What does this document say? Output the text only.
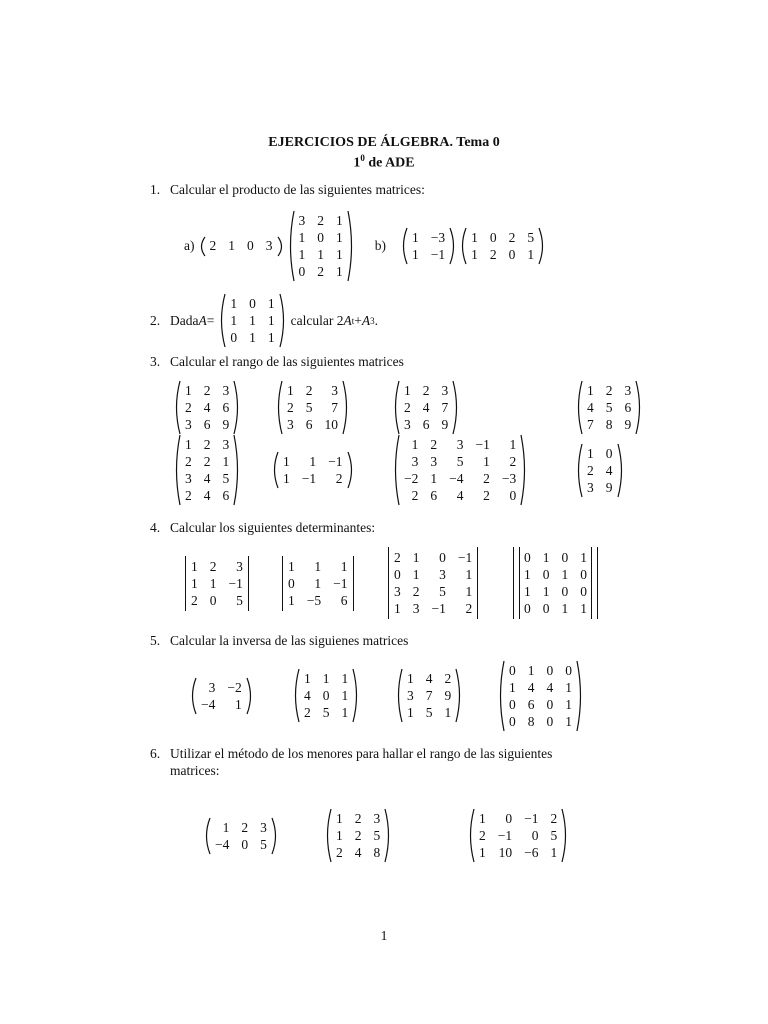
EJERCICIOS DE ÁLGEBRA. Tema 0
$1^0$ de ADE
1. Calcular el producto de las siguientes matrices:
a) 2 1 0 3
3 2 1
1 0 1
1 1 1
0 2 1
b)
1 −3
1 −1
1 0 2 5
1 2 0 1
2. Dada A =
1 0 1
1 1 1
0 1 1
calcular 2 A t + A 3 .
3. Calcular el rango de las siguientes matrices
1 2 3
2 4 6
3 6 9
1 2	3
2 5	7
3 6 10
1 2 3
2 4 7
3 6 9
1 2 3
4 5 6
7 8 9
1 2 3
2 2 1
3 4 5
2 4 6
1	1 −1
1 −1	2
1 2	3 −1	1
3 3	5	1	2
−2 1 −4	2 −3
2 6	4	2	0
1 0
2 4
3 9
4. Calcular los siguientes determinantes:
1 2	3
1 1 −1
2 0	5
1	1	1
0	1 −1
1 −5	6
2 1	0 −1
0 1	3	1
3 2	5	1
1 3 −1	2
0 1 0 1
1 0 1 0
1 1 0 0
0 0 1 1
5. Calcular la inversa de las siguienes matrices
3 −2
−4	1
1 1 1
4 0 1
2 5 1
1 4 2
3 7 9
1 5 1
0 1 0 0
1 4 4 1
0 6 0 1
0 8 0 1
6. Utilizar el método de los menores para hallar el rango de las siguientes
matrices:
1 2 3
−4 0 5
1 2 3
1 2 5
2 4 8
1	0 −1 2
2 −1	0 5
1 10 −6 1
1
